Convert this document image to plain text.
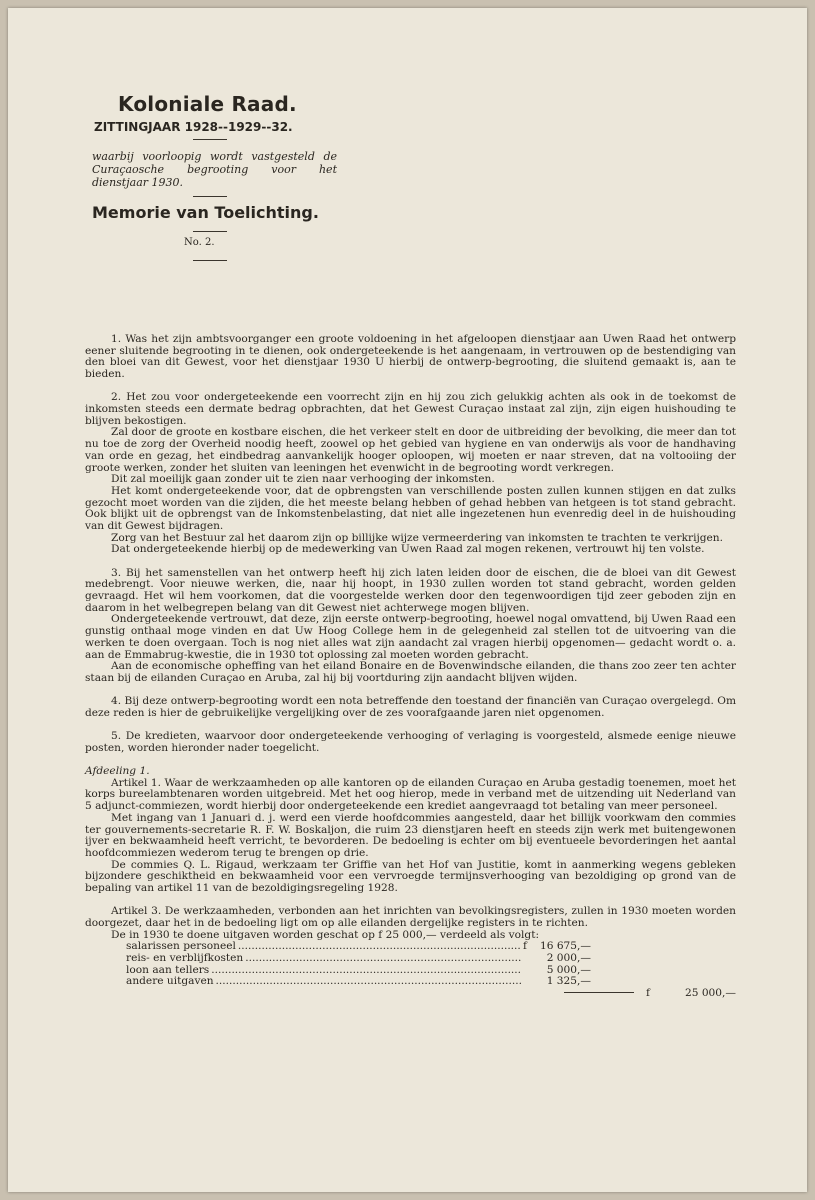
Koloniale Raad.
ZITTINGJAAR 1928--1929--32.
waarbij voorloopig wordt vastgesteld de Curaçaosche begrooting voor het dienstjaar 1930.
Memorie van Toelichting.
No. 2.

1. Was het zijn ambtsvoorganger een groote voldoening in het afgeloopen dienstjaar aan Uwen Raad het ontwerp eener sluitende begrooting in te dienen, ook ondergeteekende is het aangenaam, in vertrouwen op de bestendiging van den bloei van dit Gewest, voor het dienstjaar 1930 U hierbij de ontwerp-begrooting, die sluitend gemaakt is, aan te bieden.

2. Het zou voor ondergeteekende een voorrecht zijn en hij zou zich gelukkig achten als ook in de toekomst de inkomsten steeds een dermate bedrag opbrachten, dat het Gewest Curaçao instaat zal zijn, zijn eigen huishouding te blijven bekostigen.

Zal door de groote en kostbare eischen, die het verkeer stelt en door de uitbreiding der bevolking, die meer dan tot nu toe de zorg der Overheid noodig heeft, zoowel op het gebied van hygiene en van onderwijs als voor de handhaving van orde en gezag, het eindbedrag aanvankelijk hooger oploopen, wij moeten er naar streven, dat na voltooiing der groote werken, zonder het sluiten van leeningen het evenwicht in de begrooting wordt verkregen.

Dit zal moeilijk gaan zonder uit te zien naar verhooging der inkomsten.

Het komt ondergeteekende voor, dat de opbrengsten van verschillende posten zullen kunnen stijgen en dat zulks gezocht moet worden van die zijden, die het meeste belang hebben of gehad hebben van hetgeen is tot stand gebracht. Ook blijkt uit de opbrengst van de Inkomstenbelasting, dat niet alle ingezetenen hun evenredig deel in de huishouding van dit Gewest bijdragen.

Zorg van het Bestuur zal het daarom zijn op billijke wijze vermeerdering van inkomsten te trachten te verkrijgen.

Dat ondergeteekende hierbij op de medewerking van Uwen Raad zal mogen rekenen, vertrouwt hij ten volste.

3. Bij het samenstellen van het ontwerp heeft hij zich laten leiden door de eischen, die de bloei van dit Gewest medebrengt. Voor nieuwe werken, die, naar hij hoopt, in 1930 zullen worden tot stand gebracht, worden gelden gevraagd. Het wil hem voorkomen, dat die voorgestelde werken door den tegenwoordigen tijd zeer geboden zijn en daarom in het welbegrepen belang van dit Gewest niet achterwege mogen blijven.

Ondergeteekende vertrouwt, dat deze, zijn eerste ontwerp-begrooting, hoewel nogal omvattend, bij Uwen Raad een gunstig onthaal moge vinden en dat Uw Hoog College hem in de gelegenheid zal stellen tot de uitvoering van die werken te doen overgaan. Toch is nog niet alles wat zijn aandacht zal vragen hierbij opgenomen— gedacht wordt o. a. aan de Emmabrug-kwestie, die in 1930 tot oplossing zal moeten worden gebracht.

Aan de economische opheffing van het eiland Bonaire en de Bovenwindsche eilanden, die thans zoo zeer ten achter staan bij de eilanden Curaçao en Aruba, zal hij bij voortduring zijn aandacht blijven wijden.

4. Bij deze ontwerp-begrooting wordt een nota betreffende den toestand der financiën van Curaçao overgelegd. Om deze reden is hier de gebruikelijke vergelijking over de zes voorafgaande jaren niet opgenomen.

5. De kredieten, waarvoor door ondergeteekende verhooging of verlaging is voorgesteld, alsmede eenige nieuwe posten, worden hieronder nader toegelicht.

Afdeeling 1.

Artikel 1. Waar de werkzaamheden op alle kantoren op de eilanden Curaçao en Aruba gestadig toenemen, moet het korps bureelambtenaren worden uitgebreid. Met het oog hierop, mede in verband met de uitzending uit Nederland van 5 adjunct-commiezen, wordt hierbij door ondergeteekende een krediet aangevraagd tot betaling van meer personeel.

Met ingang van 1 Januari d. j. werd een vierde hoofdcommies aangesteld, daar het billijk voorkwam den commies ter gouvernements-secretarie R. F. W. Boskaljon, die ruim 23 dienstjaren heeft en steeds zijn werk met buitengewonen ijver en bekwaamheid heeft verricht, te bevorderen. De bedoeling is echter om bij eventueele bevorderingen het aantal hoofdcommiezen wederom terug te brengen op drie.

De commies Q. L. Rigaud, werkzaam ter Griffie van het Hof van Justitie, komt in aanmerking wegens gebleken bijzondere geschiktheid en bekwaamheid voor een vervroegde termijnsverhooging van bezoldiging op grond van de bepaling van artikel 11 van de bezoldigingsregeling 1928.

Artikel 3. De werkzaamheden, verbonden aan het inrichten van bevolkingsregisters, zullen in 1930 moeten worden doorgezet, daar het in de bedoeling ligt om op alle eilanden dergelijke registers in te richten.

De in 1930 te doene uitgaven worden geschat op f 25 000,— verdeeld als volgt:

salarissen personeel .....	f	16 675,—
reis- en verblijfkosten .....	2 000,—
loon aan tellers .....	5 000,—
andere uitgaven .....	1 325,—
f	25 000,—
